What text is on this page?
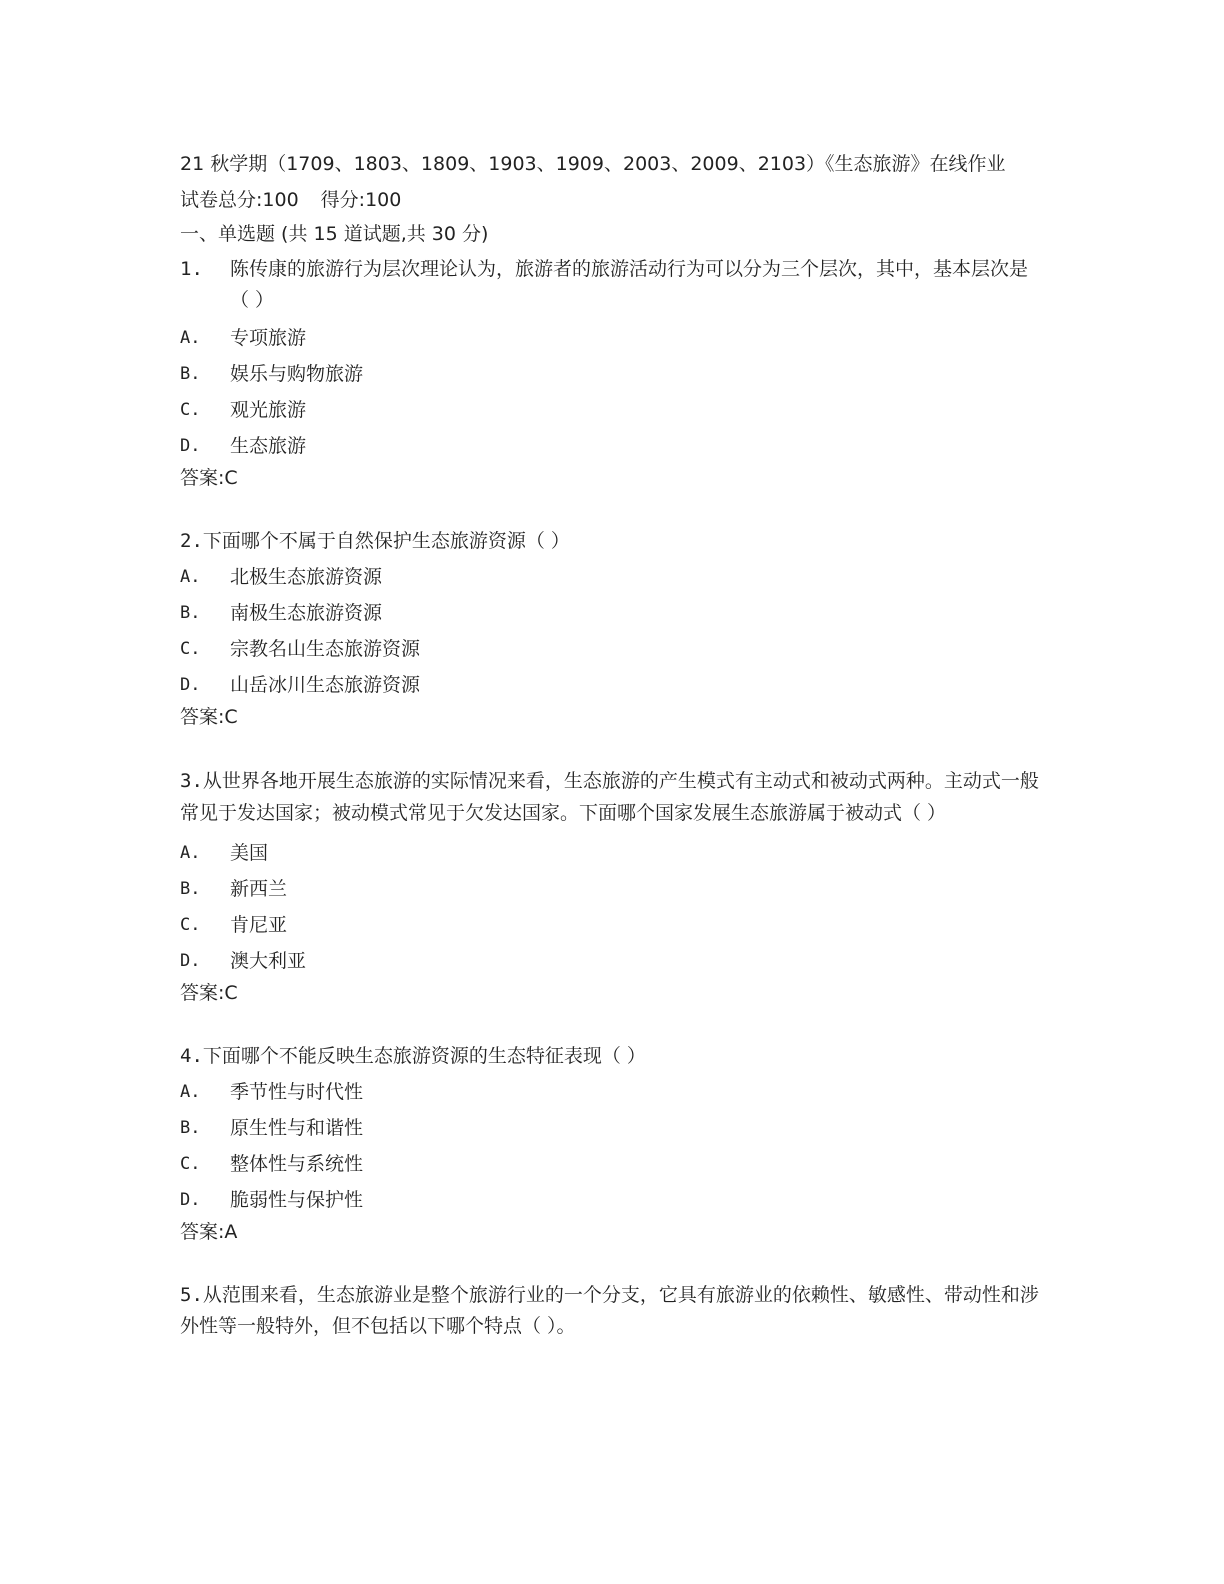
21 秋学期（1709、1803、1809、1903、1909、2003、2009、2103）《生态旅游》在线作业

试卷总分:100 得分:100
一、单选题 (共 15 道试题,共 30 分)
1.	陈传康的旅游行为层次理论认为，旅游者的旅游活动行为可以分为三个层次，其中，基本层次是（ ）
A.	专项旅游
B.	娱乐与购物旅游
C.	观光旅游
D.	生态旅游
答案:C
2.下面哪个不属于自然保护生态旅游资源（ ）
A.	北极生态旅游资源
B.	南极生态旅游资源
C.	宗教名山生态旅游资源
D.	山岳冰川生态旅游资源
答案:C
3.从世界各地开展生态旅游的实际情况来看，生态旅游的产生模式有主动式和被动式两种。主动式一般常见于发达国家；被动模式常见于欠发达国家。下面哪个国家发展生态旅游属于被动式（ ）
A.	美国
B.	新西兰
C.	肯尼亚
D.	澳大利亚
答案:C
4.下面哪个不能反映生态旅游资源的生态特征表现（ ）
A.	季节性与时代性
B.	原生性与和谐性
C.	整体性与系统性
D.	脆弱性与保护性
答案:A
5.从范围来看，生态旅游业是整个旅游行业的一个分支，它具有旅游业的依赖性、敏感性、带动性和涉外性等一般特外，但不包括以下哪个特点（ ）。
